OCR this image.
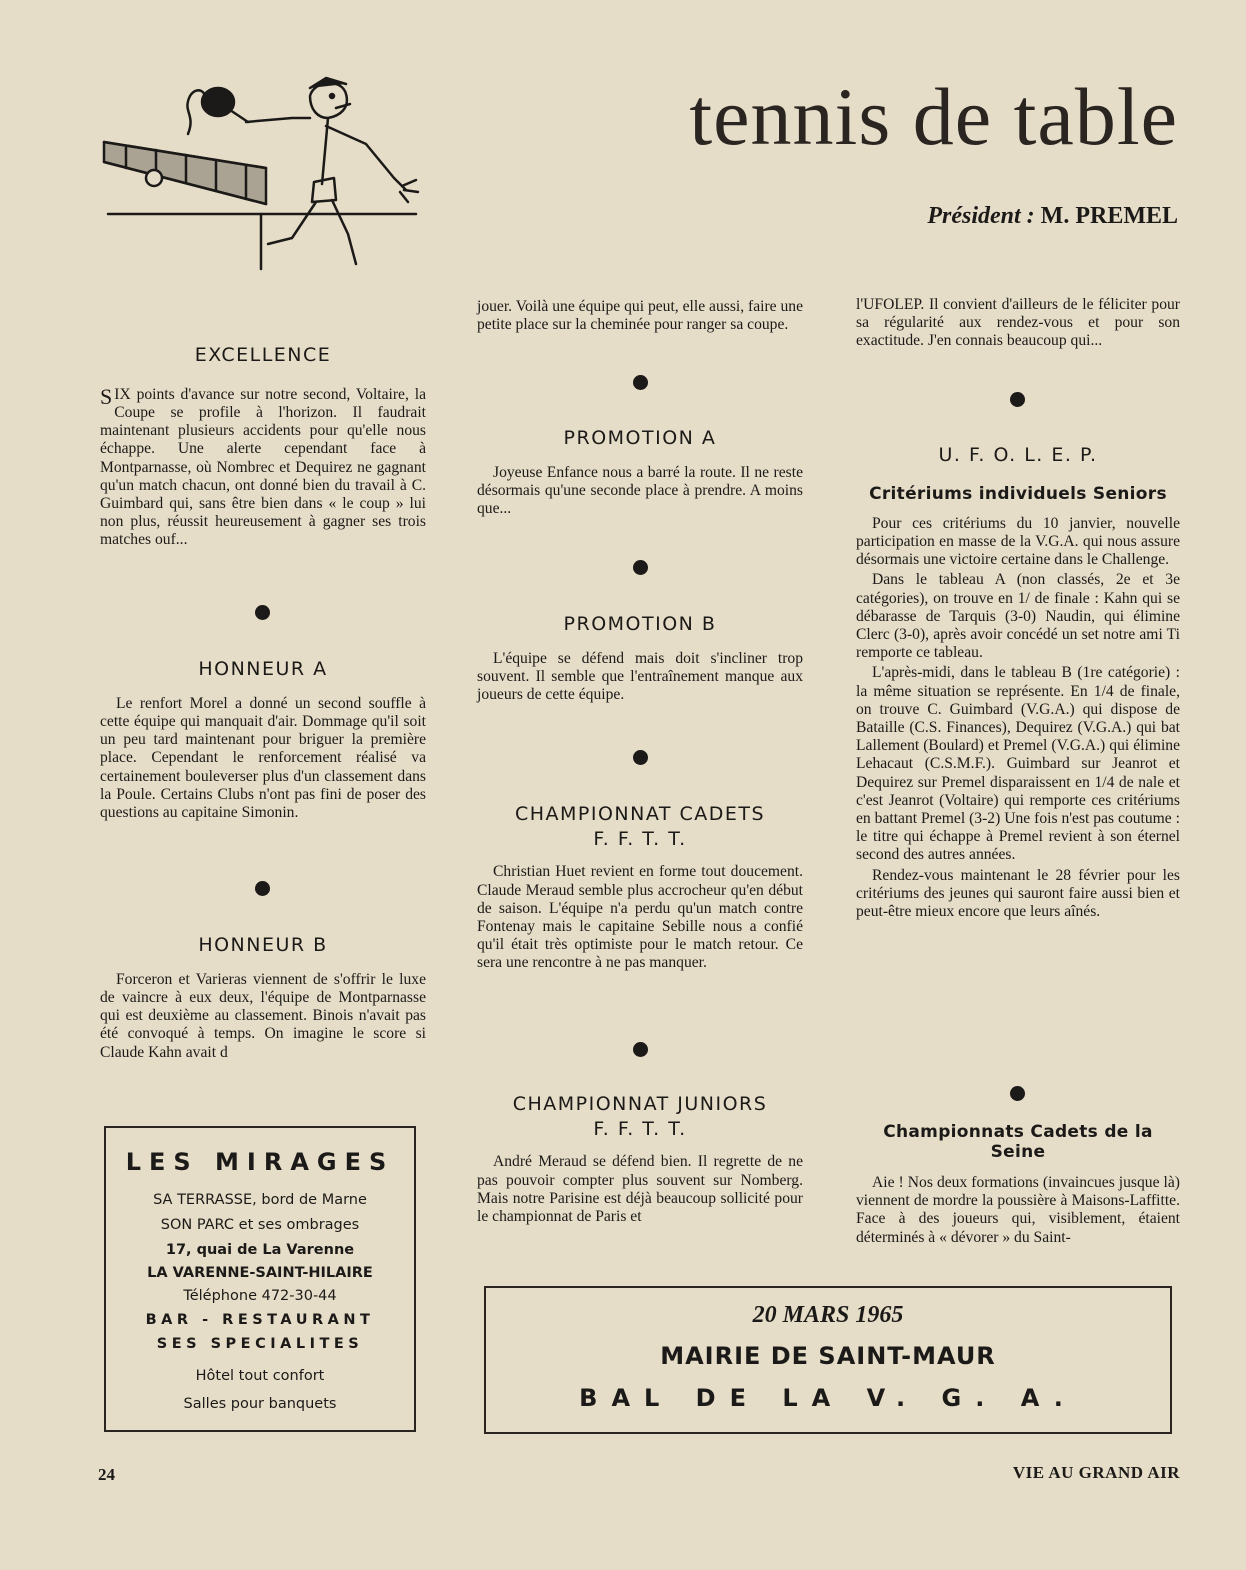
tennis de table

Président : M. PREMEL

EXCELLENCE

S IX points d'avance sur notre second, Voltaire, la Coupe se profile à l'horizon. Il faudrait maintenant plusieurs accidents pour qu'elle nous échappe. Une alerte cependant face à Montparnasse, où Nombrec et Dequirez ne gagnant qu'un match chacun, ont donné bien du travail à C. Guimbard qui, sans être bien dans « le coup » lui non plus, réussit heureusement à gagner ses trois matches ouf...

HONNEUR A

Le renfort Morel a donné un second souffle à cette équipe qui manquait d'air. Dommage qu'il soit un peu tard maintenant pour briguer la première place. Cependant le renforcement réalisé va certainement bouleverser plus d'un classement dans la Poule. Certains Clubs n'ont pas fini de poser des questions au capitaine Simonin.

HONNEUR B

Forceron et Varieras viennent de s'offrir le luxe de vaincre à eux deux, l'équipe de Montparnasse qui est deuxième au classement. Binois n'avait pas été convoqué à temps. On imagine le score si Claude Kahn avait d

jouer. Voilà une équipe qui peut, elle aussi, faire une petite place sur la cheminée pour ranger sa coupe.

PROMOTION A

Joyeuse Enfance nous a barré la route. Il ne reste désormais qu'une seconde place à prendre. A moins que...

PROMOTION B

L'équipe se défend mais doit s'incliner trop souvent. Il semble que l'entraînement manque aux joueurs de cette équipe.

CHAMPIONNAT CADETS
F. F. T. T.

Christian Huet revient en forme tout doucement. Claude Meraud semble plus accrocheur qu'en début de saison. L'équipe n'a perdu qu'un match contre Fontenay mais le capitaine Sebille nous a confié qu'il était très optimiste pour le match retour. Ce sera une rencontre à ne pas manquer.

CHAMPIONNAT JUNIORS
F. F. T. T.

André Meraud se défend bien. Il regrette de ne pas pouvoir compter plus souvent sur Nomberg. Mais notre Parisine est déjà beaucoup sollicité pour le championnat de Paris et

l'UFOLEP. Il convient d'ailleurs de le féliciter pour sa régularité aux rendez-vous et pour son exactitude. J'en connais beaucoup qui...

U. F. O. L. E. P.
Critériums individuels Seniors

Pour ces critériums du 10 janvier, nouvelle participation en masse de la V.G.A. qui nous assure désormais une victoire certaine dans le Challenge.

Dans le tableau A (non classés, 2e et 3e catégories), on trouve en 1/ de finale : Kahn qui se débarasse de Tarquis (3-0) Naudin, qui élimine Clerc (3-0), après avoir concédé un set notre ami Ti remporte ce tableau.

L'après-midi, dans le tableau B (1re catégorie) : la même situation se représente. En 1/4 de finale, on trouve C. Guimbard (V.G.A.) qui dispose de Bataille (C.S. Finances), Dequirez (V.G.A.) qui bat Lallement (Boulard) et Premel (V.G.A.) qui élimine Lehacaut (C.S.M.F.). Guimbard sur Jeanrot et Dequirez sur Premel disparaissent en 1/4 de nale et c'est Jeanrot (Voltaire) qui remporte ces critériums en battant Premel (3-2) Une fois n'est pas coutume : le titre qui échappe à Premel revient à son éternel second des autres années.

Rendez-vous maintenant le 28 février pour les critériums des jeunes qui sauront faire aussi bien et peut-être mieux encore que leurs aînés.

Championnats Cadets de la Seine

Aie ! Nos deux formations (invaincues jusque là) viennent de mordre la poussière à Maisons-Laffitte. Face à des joueurs qui, visiblement, étaient déterminés à « dévorer » du Saint-

LES MIRAGES

SA TERRASSE, bord de Marne

SON PARC et ses ombrages

17, quai de La Varenne

LA VARENNE-SAINT-HILAIRE

Téléphone 472-30-44

BAR - RESTAURANT

SES SPECIALITES

Hôtel tout confort

Salles pour banquets

20 MARS 1965

MAIRIE DE SAINT-MAUR

BAL DE LA V. G. A.

24	VIE AU GRAND AIR
